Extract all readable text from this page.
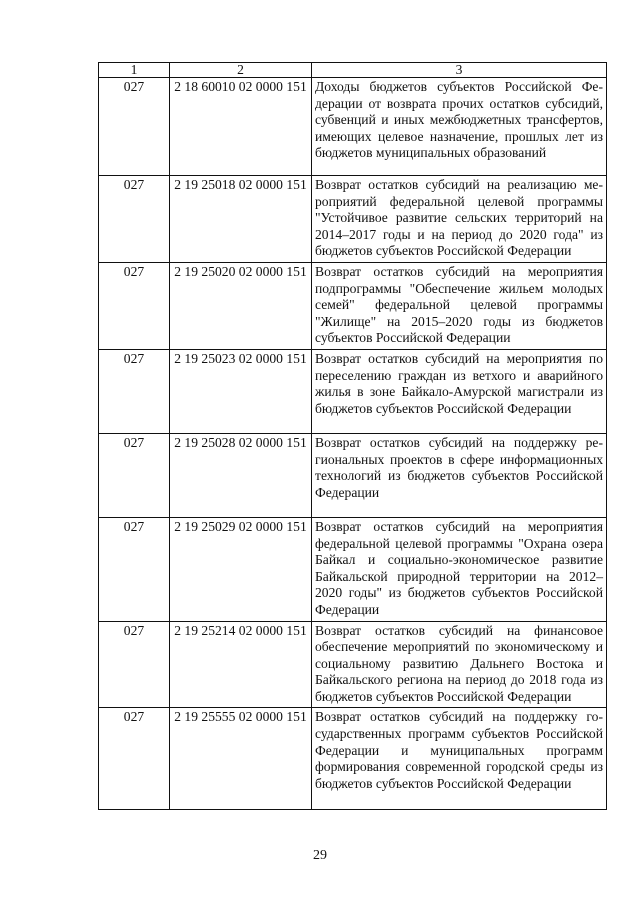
1	2	3
027	2 18 60010 02 0000 151	Доходы бюджетов субъектов Российской Федерации от возврата прочих остатков субсидий, субвенций и иных межбюджетных трансфертов, имеющих целевое назначение, прошлых лет из бюджетов муниципальных образований
027	2 19 25018 02 0000 151	Возврат остатков субсидий на реализацию мероприятий федеральной целевой программы "Устойчивое развитие сельских территорий на 2014–2017 годы и на период до 2020 года" из бюджетов субъектов Российской Федерации
027	2 19 25020 02 0000 151	Возврат остатков субсидий на мероприятия подпрограммы "Обеспечение жильем молодых семей" федеральной целевой программы "Жилище" на 2015–2020 годы из бюджетов субъектов Российской Федерации
027	2 19 25023 02 0000 151	Возврат остатков субсидий на мероприятия по переселению граждан из ветхого и аварийного жилья в зоне Байкало-Амурской магистрали из бюджетов субъектов Российской Федерации
027	2 19 25028 02 0000 151	Возврат остатков субсидий на поддержку региональных проектов в сфере информационных технологий из бюджетов субъектов Российской Федерации
027	2 19 25029 02 0000 151	Возврат остатков субсидий на мероприятия федеральной целевой программы "Охрана озера Байкал и социально-экономическое развитие Байкальской природной территории на 2012–2020 годы" из бюджетов субъектов Российской Федерации
027	2 19 25214 02 0000 151	Возврат остатков субсидий на финансовое обеспечение мероприятий по экономическому и социальному развитию Дальнего Востока и Байкальского региона на период до 2018 года из бюджетов субъектов Российской Федерации
027	2 19 25555 02 0000 151	Возврат остатков субсидий на поддержку государственных программ субъектов Российской Федерации и муниципальных программ формирования современной городской среды из бюджетов субъектов Российской Федерации
29
